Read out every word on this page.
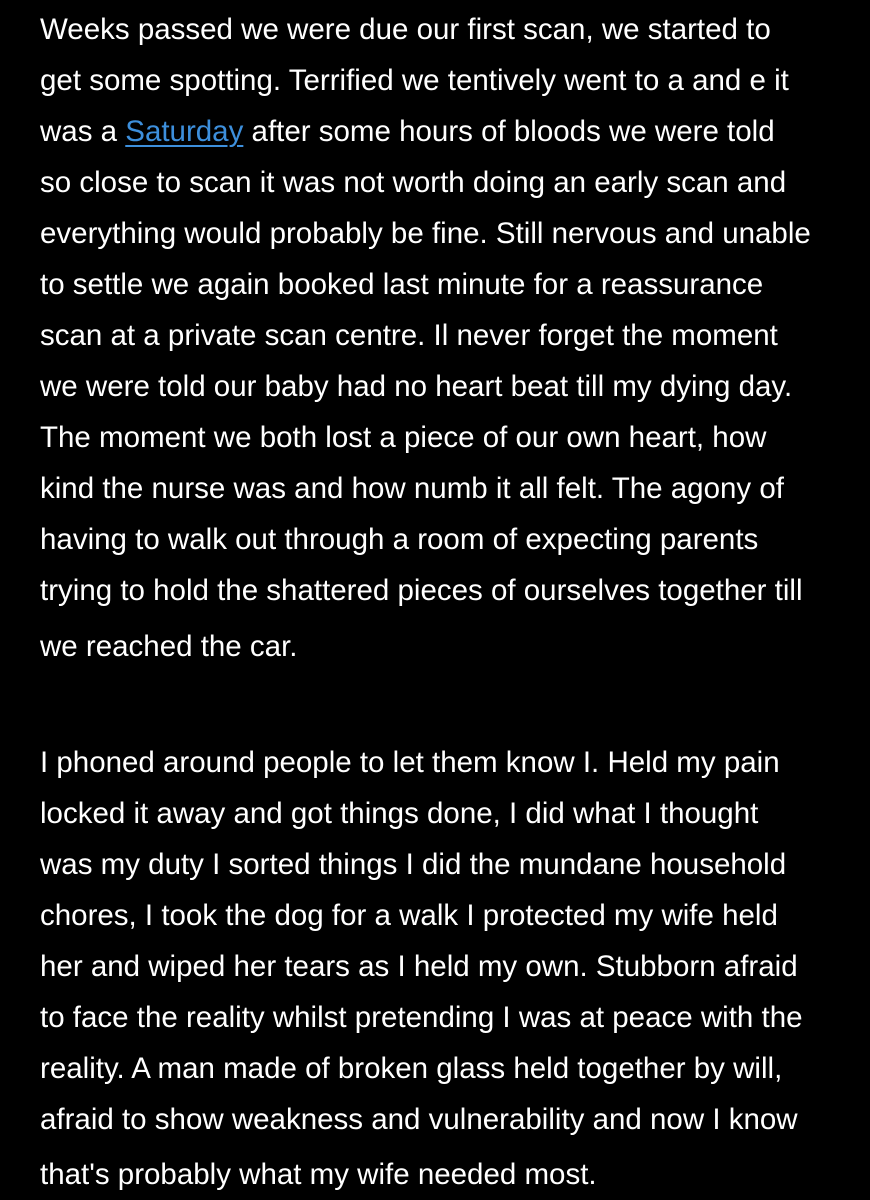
Weeks passed we were due our first scan, we started to
get some spotting. Terrified we tentively went to a and e it
was a Saturday after some hours of bloods we were told
so close to scan it was not worth doing an early scan and
everything would probably be fine. Still nervous and unable
to settle we again booked last minute for a reassurance
scan at a private scan centre. Il never forget the moment
we were told our baby had no heart beat till my dying day.
The moment we both lost a piece of our own heart, how
kind the nurse was and how numb it all felt. The agony of
having to walk out through a room of expecting parents
trying to hold the shattered pieces of ourselves together till
we reached the car.
I phoned around people to let them know I. Held my pain
locked it away and got things done, I did what I thought
was my duty I sorted things I did the mundane household
chores, I took the dog for a walk I protected my wife held
her and wiped her tears as I held my own. Stubborn afraid
to face the reality whilst pretending I was at peace with the
reality. A man made of broken glass held together by will,
afraid to show weakness and vulnerability and now I know
that's probably what my wife needed most.
